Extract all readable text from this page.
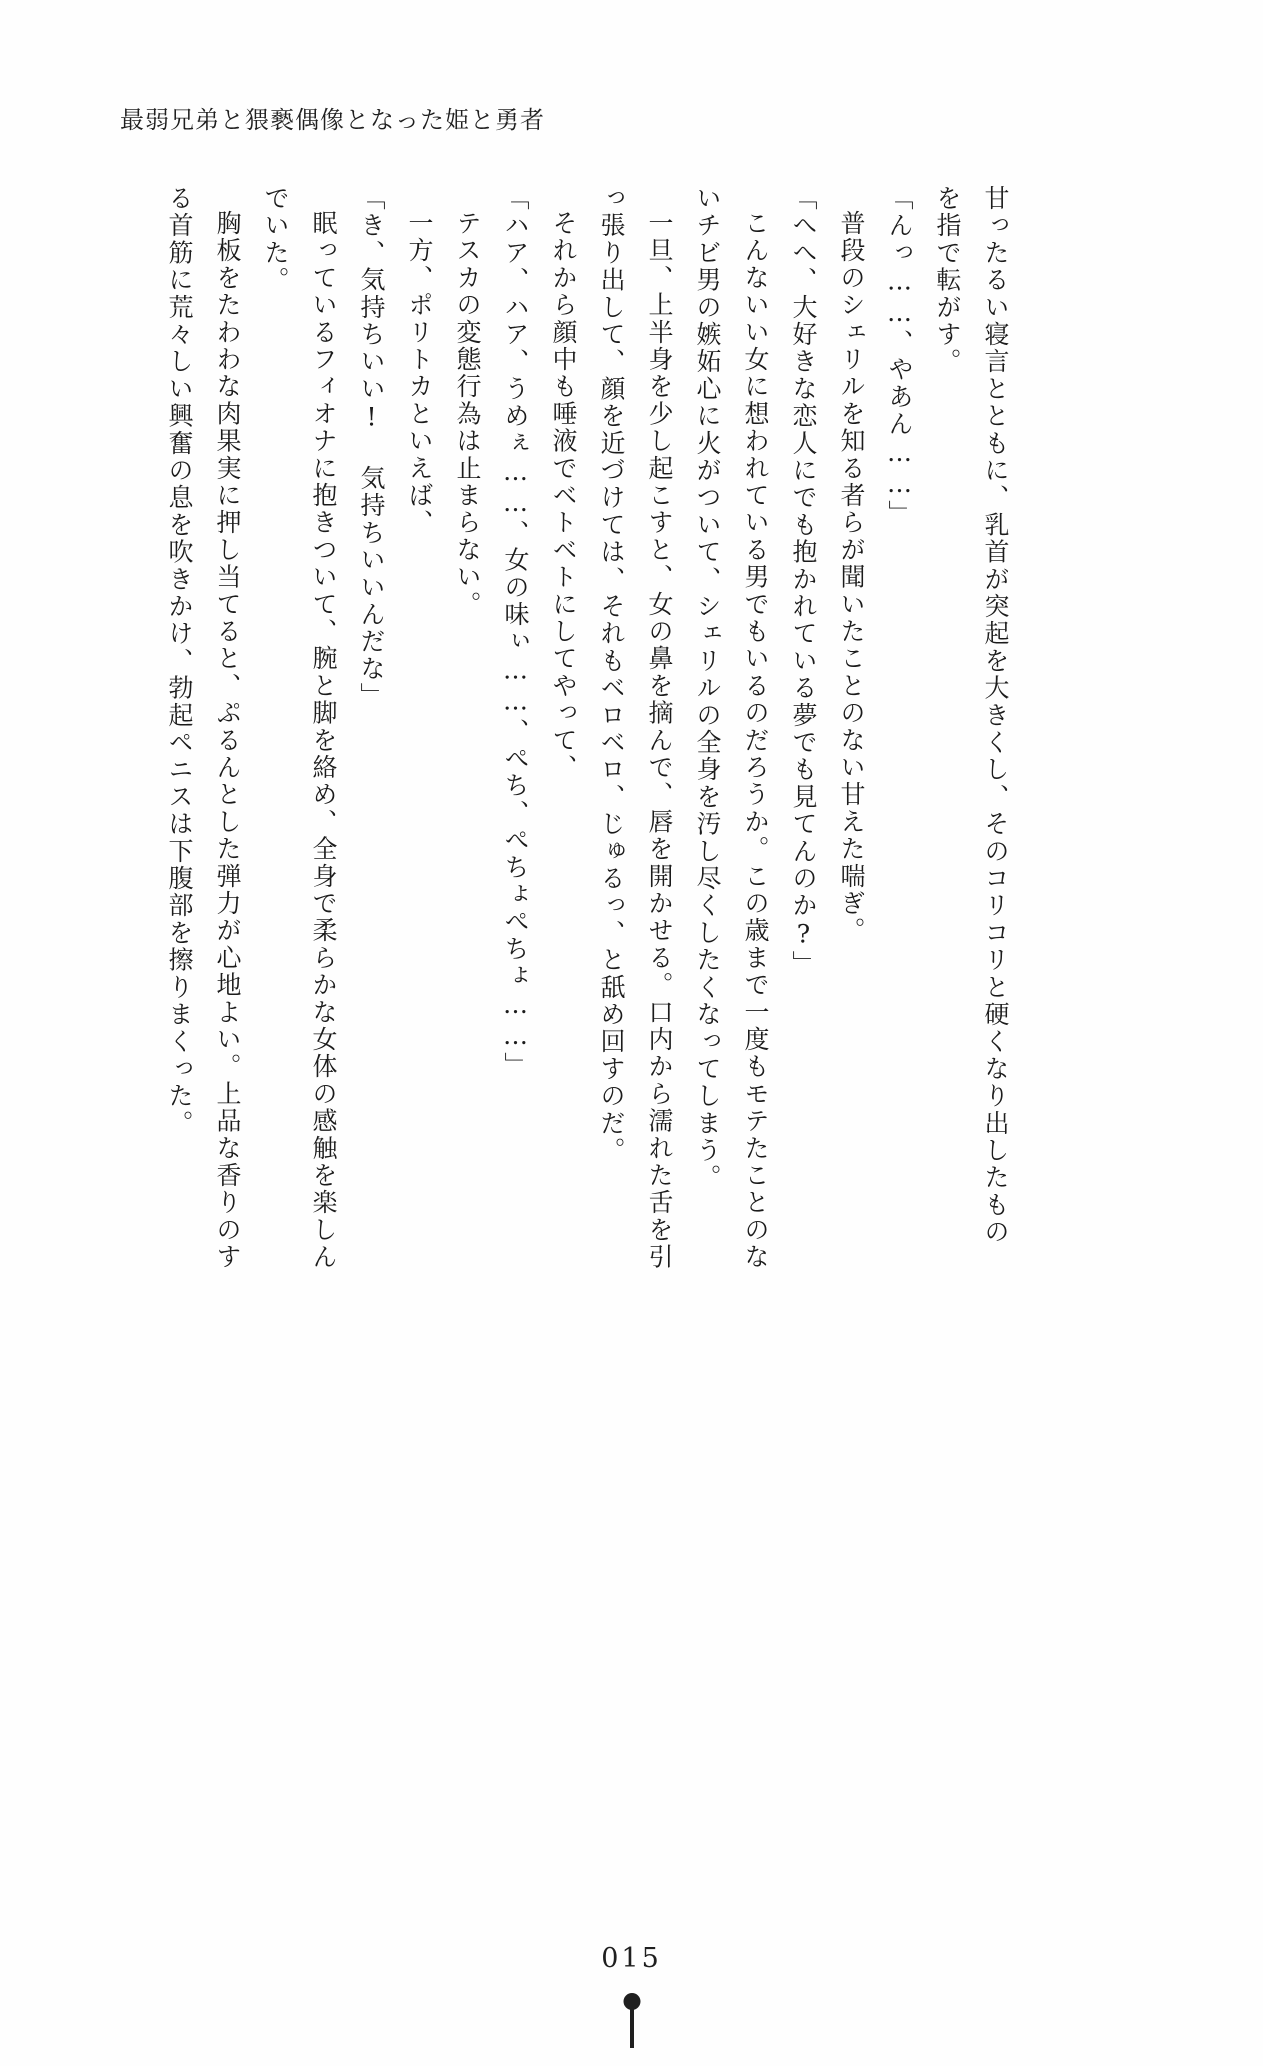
最弱兄弟と猥褻偶像となった姫と勇者

甘ったるい寝言とともに、乳首が突起を大きくし、そのコリコリと硬くなり出したもの

を指で転がす。

「んっ……、やあん……」

普段のシェリルを知る者らが聞いたことのない甘えた喘ぎ。

「へへ、大好きな恋人にでも抱かれている夢でも見てんのか?」

こんないい女に想われている男でもいるのだろうか。この歳まで一度もモテたことのな

いチビ男の嫉妬心に火がついて、シェリルの全身を汚し尽くしたくなってしまう。

一旦、上半身を少し起こすと、女の鼻を摘んで、唇を開かせる。口内から濡れた舌を引

っ張り出して、顔を近づけては、それもベロベロ、じゅるっ、と舐め回すのだ。

それから顔中も唾液でベトベトにしてやって、

「ハア、ハア、うめぇ……、女の味ぃ……、ぺち、ぺちょぺちょ……」

テスカの変態行為は止まらない。

一方、ポリトカといえば、

「き、気持ちいい! 気持ちいいんだな」

眠っているフィオナに抱きついて、腕と脚を絡め、全身で柔らかな女体の感触を楽しん

でいた。

胸板をたわわな肉果実に押し当てると、ぷるんとした弾力が心地よい。上品な香りのす

る首筋に荒々しい興奮の息を吹きかけ、勃起ペニスは下腹部を擦りまくった。

015
